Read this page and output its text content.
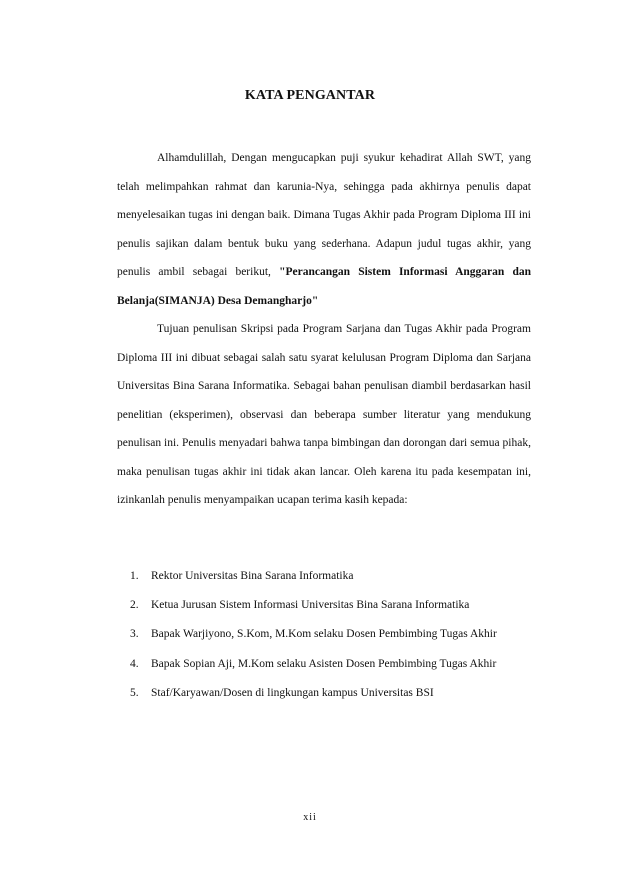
KATA PENGANTAR

Alhamdulillah, Dengan mengucapkan puji syukur kehadirat Allah SWT, yang telah melimpahkan rahmat dan karunia-Nya, sehingga pada akhirnya penulis dapat menyelesaikan tugas ini dengan baik. Dimana Tugas Akhir pada Program Diploma III ini penulis sajikan dalam bentuk buku yang sederhana. Adapun judul tugas akhir, yang penulis ambil sebagai berikut, "Perancangan Sistem Informasi Anggaran dan Belanja(SIMANJA) Desa Demangharjo"

Tujuan penulisan Skripsi pada Program Sarjana dan Tugas Akhir pada Program Diploma III ini dibuat sebagai salah satu syarat kelulusan Program Diploma dan Sarjana Universitas Bina Sarana Informatika. Sebagai bahan penulisan diambil berdasarkan hasil penelitian (eksperimen), observasi dan beberapa sumber literatur yang mendukung penulisan ini. Penulis menyadari bahwa tanpa bimbingan dan dorongan dari semua pihak, maka penulisan tugas akhir ini tidak akan lancar. Oleh karena itu pada kesempatan ini, izinkanlah penulis menyampaikan ucapan terima kasih kepada:

1. Rektor Universitas Bina Sarana Informatika
2. Ketua Jurusan Sistem Informasi Universitas Bina Sarana Informatika
3. Bapak Warjiyono, S.Kom, M.Kom selaku Dosen Pembimbing Tugas Akhir
4. Bapak Sopian Aji, M.Kom selaku Asisten Dosen Pembimbing Tugas Akhir
5. Staf/Karyawan/Dosen di lingkungan kampus Universitas BSI
xii
